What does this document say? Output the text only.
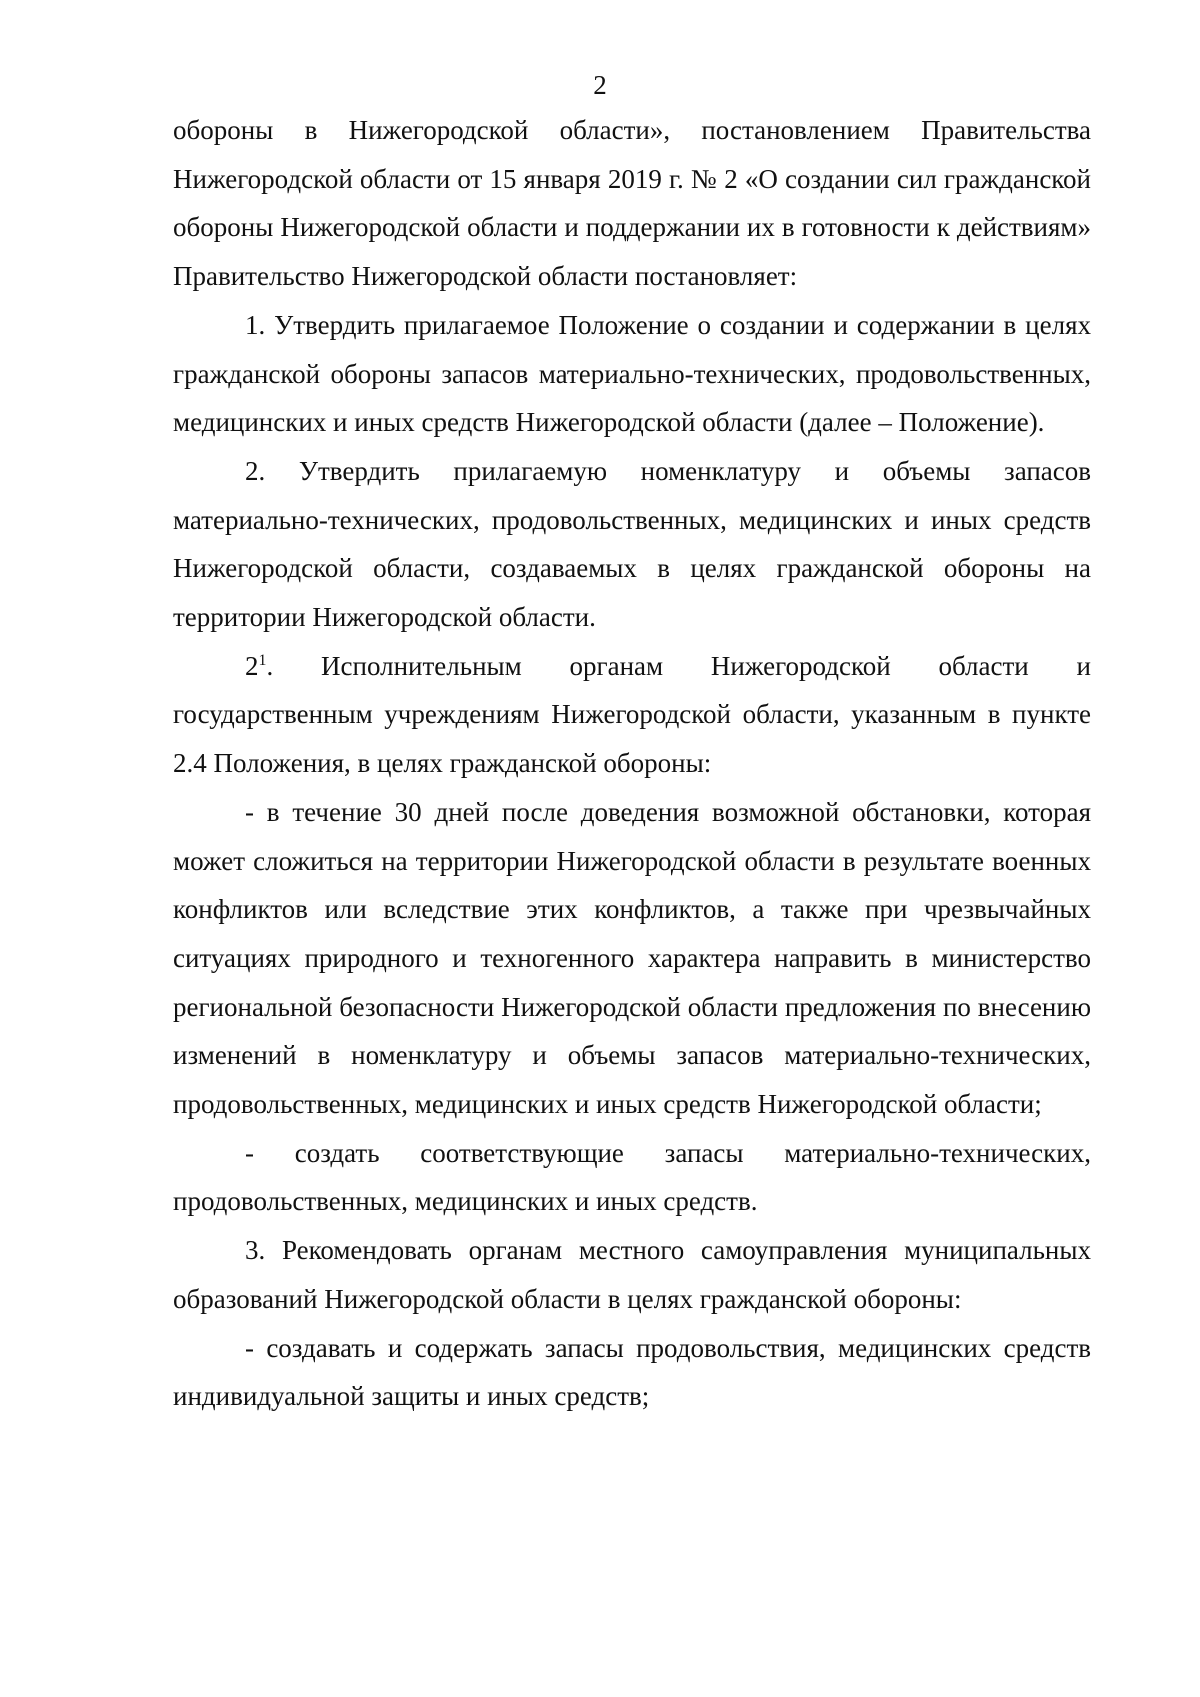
2

обороны в Нижегородской области», постановлением Правительства Нижегородской области от 15 января 2019 г. № 2 «О создании сил гражданской обороны Нижегородской области и поддержании их в готовности к действиям» Правительство Нижегородской области постановляет:

1. Утвердить прилагаемое Положение о создании и содержании в целях гражданской обороны запасов материально-технических, продовольственных, медицинских и иных средств Нижегородской области (далее – Положение).

2. Утвердить прилагаемую номенклатуру и объемы запасов материально-технических, продовольственных, медицинских и иных средств Нижегородской области, создаваемых в целях гражданской обороны на территории Нижегородской области.

$2^1$. Исполнительным органам Нижегородской области и государственным учреждениям Нижегородской области, указанным в пункте 2.4 Положения, в целях гражданской обороны:

- в течение 30 дней после доведения возможной обстановки, которая может сложиться на территории Нижегородской области в результате военных конфликтов или вследствие этих конфликтов, а также при чрезвычайных ситуациях природного и техногенного характера направить в министерство региональной безопасности Нижегородской области предложения по внесению изменений в номенклатуру и объемы запасов материально-технических, продовольственных, медицинских и иных средств Нижегородской области;

- создать соответствующие запасы материально-технических, продовольственных, медицинских и иных средств.

3. Рекомендовать органам местного самоуправления муниципальных образований Нижегородской области в целях гражданской обороны:

- создавать и содержать запасы продовольствия, медицинских средств индивидуальной защиты и иных средств;
